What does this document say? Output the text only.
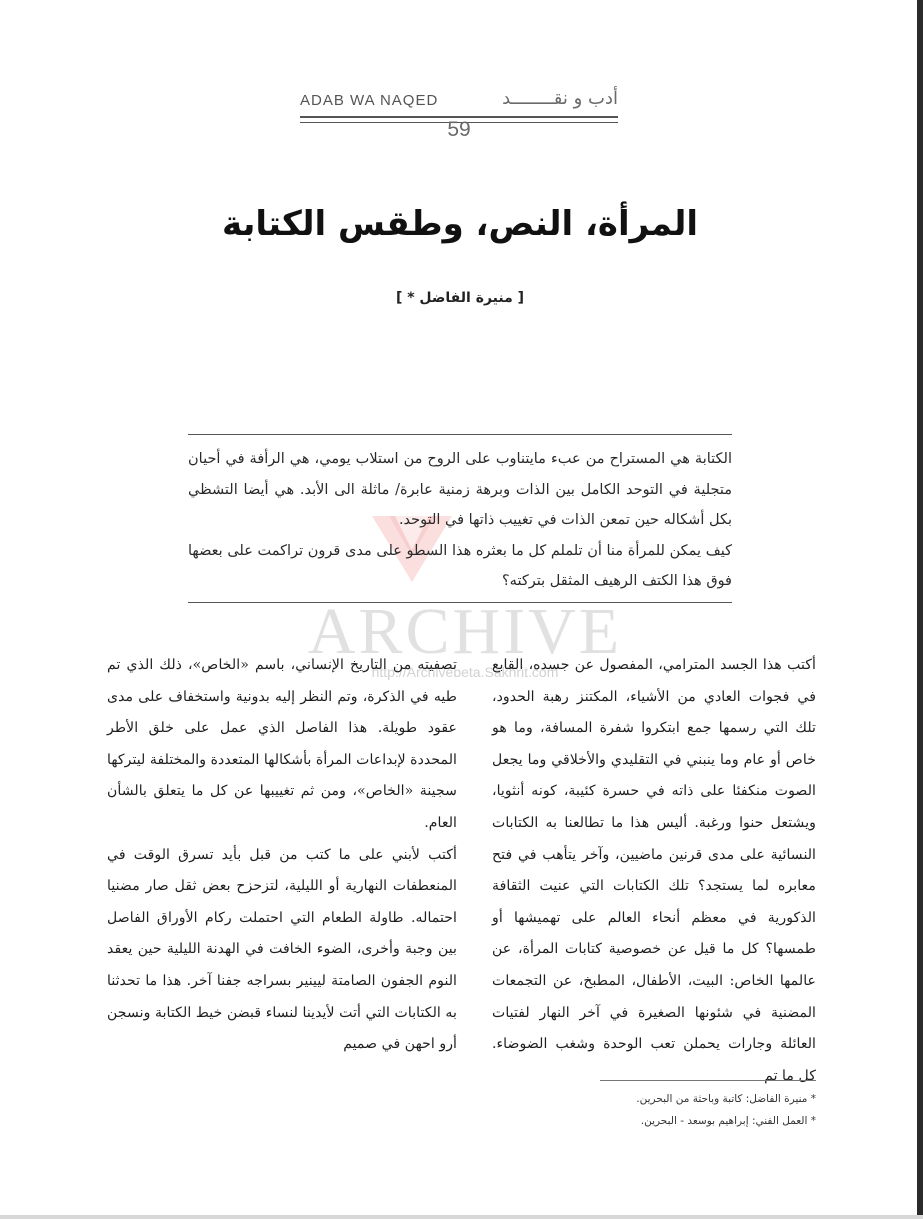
ADAB WA NAQED	أدب و نقــــــــد
59
المرأة، النص، وطقس الكتابة
[ منيرة الفاضل * ]

الكتابة هي المستراح من عبء مايتناوب على الروح من استلاب يومي، هي الرأفة في أحيان متجلية في التوحد الكامل بين الذات وبرهة زمنية عابرة/ ماثلة الى الأبد. هي أيضا التشظي بكل أشكاله حين تمعن الذات في تغييب ذاتها في التوحد.

كيف يمكن للمرأة منا أن تلملم كل ما بعثره هذا السطو على مدى قرون تراكمت على بعضها فوق هذا الكتف الرهيف المثقل بتركته؟

ARCHIVE
http://Archivebeta.Sakhrit.com

أكتب هذا الجسد المترامي، المفصول عن جسده، القابع في فجوات العادي من الأشياء، المكتنز رهبة الحدود، تلك التي رسمها جمع ابتكروا شفرة المسافة، وما هو خاص أو عام وما ينبني في التقليدي والأخلاقي وما يجعل الصوت منكفئا على ذاته في حسرة كئيبة، كونه أنثويا، ويشتعل حنوا ورغبة. أليس هذا ما تطالعنا به الكتابات النسائية على مدى قرنين ماضيين، وآخر يتأهب في فتح معابره لما يستجد؟ تلك الكتابات التي عنيت الثقافة الذكورية في معظم أنحاء العالم على تهميشها أو طمسها؟ كل ما قيل عن خصوصية كتابات المرأة، عن عالمها الخاص: البيت، الأطفال، المطبخ، عن التجمعات المضنية في شئونها الصغيرة في آخر النهار لفتيات العائلة وجارات يحملن تعب الوحدة وشغب الضوضاء. كل ما تم

تصفيته من التاريخ الإنساني، باسم «الخاص»، ذلك الذي تم طيه في الذكرة، وتم النظر إليه بدونية واستخفاف على مدى عقود طويلة. هذا الفاصل الذي عمل على خلق الأطر المحددة لإبداعات المرأة بأشكالها المتعددة والمختلفة ليتركها سجينة «الخاص»، ومن ثم تغييبها عن كل ما يتعلق بالشأن العام.

أكتب لأبني على ما كتب من قبل بأيد تسرق الوقت في المنعطفات النهارية أو الليلية، لتزحزح بعض ثقل صار مضنيا احتماله. طاولة الطعام التي احتملت ركام الأوراق الفاصل بين وجبة وأخرى، الضوء الخافت في الهدنة الليلية حين يعقد النوم الجفون الصامتة ليينير بسراجه جفنا آخر. هذا ما تحدثنا به الكتابات التي أتت لأيدينا لنساء قبضن خيط الكتابة ونسجن أرو احهن في صميم

* منيرة الفاضل: كاتبة وباحثة من البحرين.
* العمل الفني: إبراهيم بوسعد - البحرين.
